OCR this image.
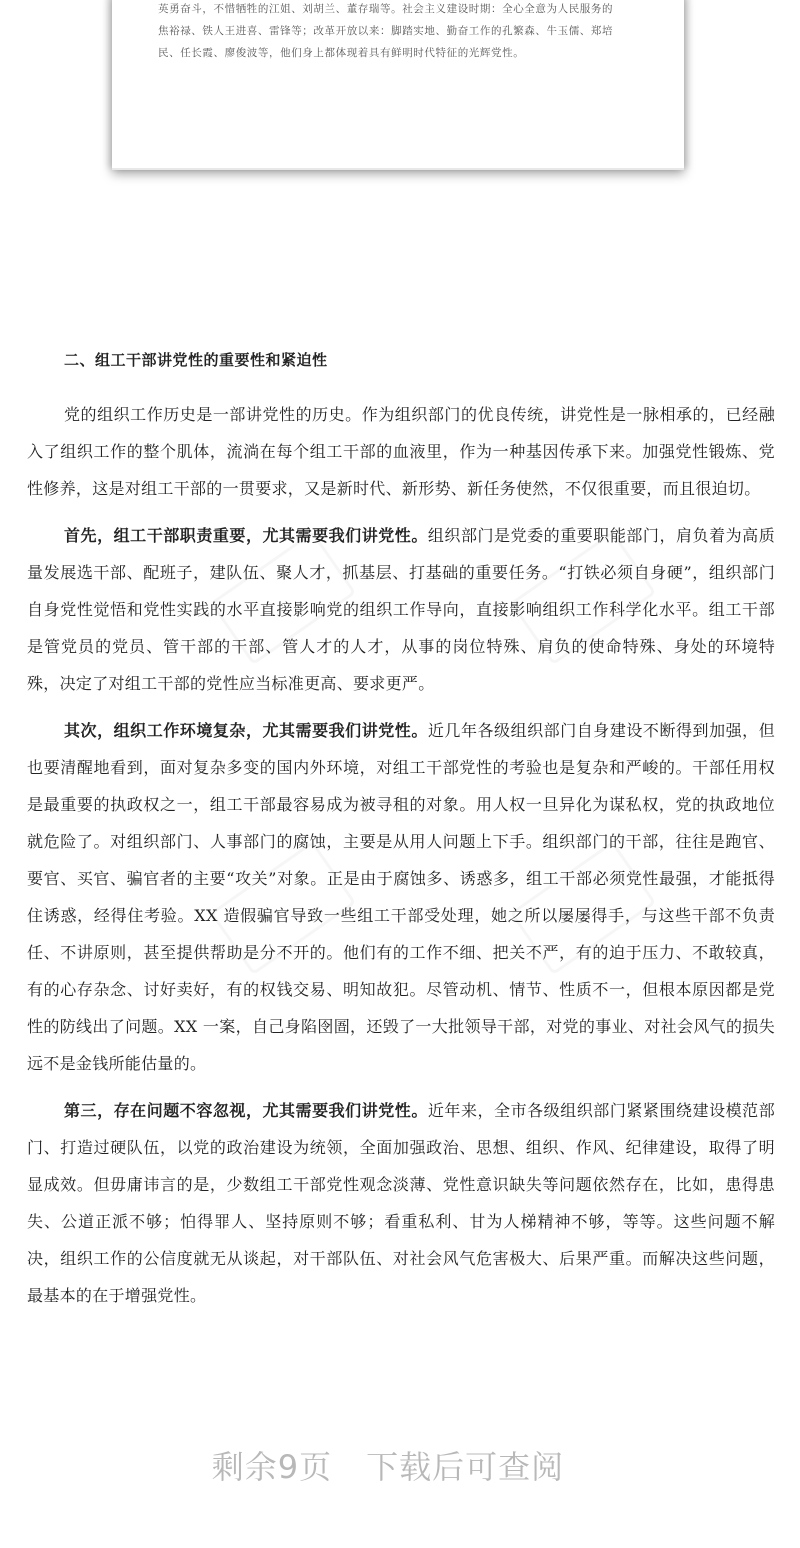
英勇奋斗，不惜牺牲的江姐、刘胡兰、董存瑞等。社会主义建设时期：全心全意为人民服务的
焦裕禄、铁人王进喜、雷锋等；改革开放以来：脚踏实地、勤奋工作的孔繁森、牛玉儒、郑培
民、任长霞、廖俊波等，他们身上都体现着具有鲜明时代特征的光辉党性。

二、组工干部讲党性的重要性和紧迫性

党的组织工作历史是一部讲党性的历史。作为组织部门的优良传统，讲党性是一脉相承的，已经融入了组织工作的整个肌体，流淌在每个组工干部的血液里，作为一种基因传承下来。加强党性锻炼、党性修养，这是对组工干部的一贯要求，又是新时代、新形势、新任务使然，不仅很重要，而且很迫切。

首先，组工干部职责重要，尤其需要我们讲党性。组织部门是党委的重要职能部门，肩负着为高质量发展选干部、配班子，建队伍、聚人才，抓基层、打基础的重要任务。“打铁必须自身硬”，组织部门自身党性觉悟和党性实践的水平直接影响党的组织工作导向，直接影响组织工作科学化水平。组工干部是管党员的党员、管干部的干部、管人才的人才，从事的岗位特殊、肩负的使命特殊、身处的环境特殊，决定了对组工干部的党性应当标准更高、要求更严。

其次，组织工作环境复杂，尤其需要我们讲党性。近几年各级组织部门自身建设不断得到加强，但也要清醒地看到，面对复杂多变的国内外环境，对组工干部党性的考验也是复杂和严峻的。干部任用权是最重要的执政权之一，组工干部最容易成为被寻租的对象。用人权一旦异化为谋私权，党的执政地位就危险了。对组织部门、人事部门的腐蚀，主要是从用人问题上下手。组织部门的干部，往往是跑官、要官、买官、骗官者的主要“攻关”对象。正是由于腐蚀多、诱惑多，组工干部必须党性最强，才能抵得住诱惑，经得住考验。XX 造假骗官导致一些组工干部受处理，她之所以屡屡得手，与这些干部不负责任、不讲原则，甚至提供帮助是分不开的。他们有的工作不细、把关不严，有的迫于压力、不敢较真，有的心存杂念、讨好卖好，有的权钱交易、明知故犯。尽管动机、情节、性质不一，但根本原因都是党性的防线出了问题。XX 一案，自己身陷囹圄，还毁了一大批领导干部，对党的事业、对社会风气的损失远不是金钱所能估量的。

第三，存在问题不容忽视，尤其需要我们讲党性。近年来，全市各级组织部门紧紧围绕建设模范部门、打造过硬队伍，以党的政治建设为统领，全面加强政治、思想、组织、作风、纪律建设，取得了明显成效。但毋庸讳言的是，少数组工干部党性观念淡薄、党性意识缺失等问题依然存在，比如，患得患失、公道正派不够；怕得罪人、坚持原则不够；看重私利、甘为人梯精神不够，等等。这些问题不解决，组织工作的公信度就无从谈起，对干部队伍、对社会风气危害极大、后果严重。而解决这些问题，最基本的在于增强党性。

剩余9页 下载后可查阅
